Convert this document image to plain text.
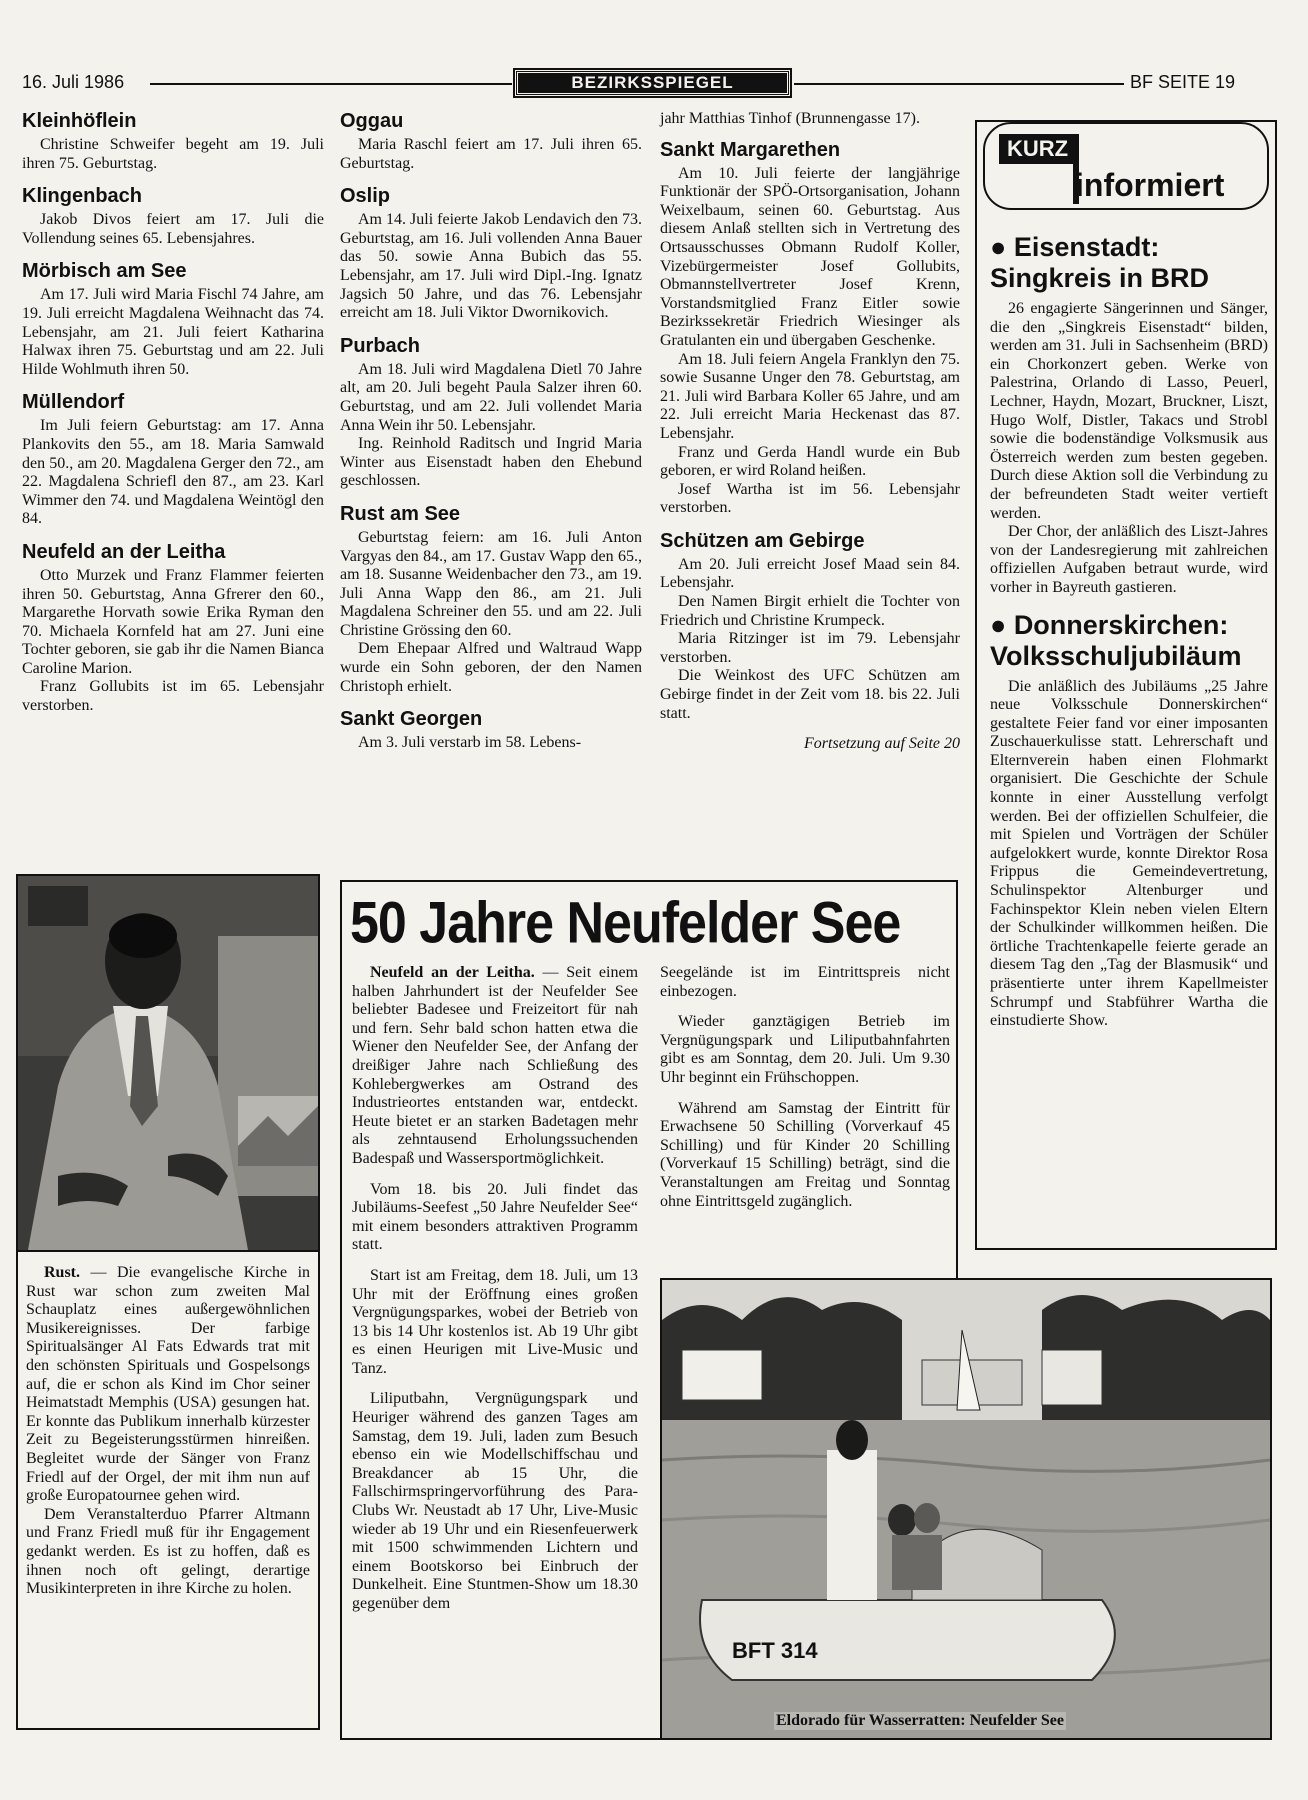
16. Juli 1986	BEZIRKSSPIEGEL	BF SEITE 19
Kleinhöflein

Christine Schweifer begeht am 19. Juli ihren 75. Geburtstag.

Klingenbach

Jakob Divos feiert am 17. Juli die Vollendung seines 65. Lebensjahres.

Mörbisch am See

Am 17. Juli wird Maria Fischl 74 Jahre, am 19. Juli erreicht Magdalena Weihnacht das 74. Lebensjahr, am 21. Juli feiert Katharina Halwax ihren 75. Geburtstag und am 22. Juli Hilde Wohlmuth ihren 50.

Müllendorf

Im Juli feiern Geburtstag: am 17. Anna Plankovits den 55., am 18. Maria Samwald den 50., am 20. Magdalena Gerger den 72., am 22. Magdalena Schriefl den 87., am 23. Karl Wimmer den 74. und Magdalena Weintögl den 84.

Neufeld an der Leitha

Otto Murzek und Franz Flammer feierten ihren 50. Geburtstag, Anna Gfrerer den 60., Margarethe Horvath sowie Erika Ryman den 70. Michaela Kornfeld hat am 27. Juni eine Tochter geboren, sie gab ihr die Namen Bianca Caroline Marion.

Franz Gollubits ist im 65. Lebensjahr verstorben.

Oggau

Maria Raschl feiert am 17. Juli ihren 65. Geburtstag.

Oslip

Am 14. Juli feierte Jakob Lendavich den 73. Geburtstag, am 16. Juli vollenden Anna Bauer das 50. sowie Anna Bubich das 55. Lebensjahr, am 17. Juli wird Dipl.-Ing. Ignatz Jagsich 50 Jahre, und das 76. Lebensjahr erreicht am 18. Juli Viktor Dwornikovich.

Purbach

Am 18. Juli wird Magdalena Dietl 70 Jahre alt, am 20. Juli begeht Paula Salzer ihren 60. Geburtstag, und am 22. Juli vollendet Maria Anna Wein ihr 50. Lebensjahr.

Ing. Reinhold Raditsch und Ingrid Maria Winter aus Eisenstadt haben den Ehebund geschlossen.

Rust am See

Geburtstag feiern: am 16. Juli Anton Vargyas den 84., am 17. Gustav Wapp den 65., am 18. Susanne Weidenbacher den 73., am 19. Juli Anna Wapp den 86., am 21. Juli Magdalena Schreiner den 55. und am 22. Juli Christine Grössing den 60.

Dem Ehepaar Alfred und Waltraud Wapp wurde ein Sohn geboren, der den Namen Christoph erhielt.

Sankt Georgen

Am 3. Juli verstarb im 58. Lebens-

jahr Matthias Tinhof (Brunnengasse 17).

Sankt Margarethen

Am 10. Juli feierte der langjährige Funktionär der SPÖ-Ortsorganisation, Johann Weixelbaum, seinen 60. Geburtstag. Aus diesem Anlaß stellten sich in Vertretung des Ortsausschusses Obmann Rudolf Koller, Vizebürgermeister Josef Gollubits, Obmannstellvertreter Josef Krenn, Vorstandsmitglied Franz Eitler sowie Bezirkssekretär Friedrich Wiesinger als Gratulanten ein und übergaben Geschenke.

Am 18. Juli feiern Angela Franklyn den 75. sowie Susanne Unger den 78. Geburtstag, am 21. Juli wird Barbara Koller 65 Jahre, und am 22. Juli erreicht Maria Heckenast das 87. Lebensjahr.

Franz und Gerda Handl wurde ein Bub geboren, er wird Roland heißen.

Josef Wartha ist im 56. Lebensjahr verstorben.

Schützen am Gebirge

Am 20. Juli erreicht Josef Maad sein 84. Lebensjahr.

Den Namen Birgit erhielt die Tochter von Friedrich und Christine Krumpeck.

Maria Ritzinger ist im 79. Lebensjahr verstorben.

Die Weinkost des UFC Schützen am Gebirge findet in der Zeit vom 18. bis 22. Juli statt.

Fortsetzung auf Seite 20
KURZ
informiert
● Eisenstadt: Singkreis in BRD

26 engagierte Sängerinnen und Sänger, die den „Singkreis Eisenstadt“ bilden, werden am 31. Juli in Sachsenheim (BRD) ein Chorkonzert geben. Werke von Palestrina, Orlando di Lasso, Peuerl, Lechner, Haydn, Mozart, Bruckner, Liszt, Hugo Wolf, Distler, Takacs und Strobl sowie die bodenständige Volksmusik aus Österreich werden zum besten gegeben. Durch diese Aktion soll die Verbindung zu der befreundeten Stadt weiter vertieft werden.

Der Chor, der anläßlich des Liszt-Jahres von der Landesregierung mit zahlreichen offiziellen Aufgaben betraut wurde, wird vorher in Bayreuth gastieren.

● Donnerskirchen: Volksschuljubiläum

Die anläßlich des Jubiläums „25 Jahre neue Volksschule Donnerskirchen“ gestaltete Feier fand vor einer imposanten Zuschauerkulisse statt. Lehrerschaft und Elternverein haben einen Flohmarkt organisiert. Die Geschichte der Schule konnte in einer Ausstellung verfolgt werden. Bei der offiziellen Schulfeier, die mit Spielen und Vorträgen der Schüler aufgelokkert wurde, konnte Direktor Rosa Frippus die Gemeindevertretung, Schulinspektor Altenburger und Fachinspektor Klein neben vielen Eltern der Schulkinder willkommen heißen. Die örtliche Trachtenkapelle feierte gerade an diesem Tag den „Tag der Blasmusik“ und präsentierte unter ihrem Kapellmeister Schrumpf und Stabführer Wartha die einstudierte Show.

Rust. — Die evangelische Kirche in Rust war schon zum zweiten Mal Schauplatz eines außergewöhnlichen Musikereignisses. Der farbige Spiritualsänger Al Fats Edwards trat mit den schönsten Spirituals und Gospelsongs auf, die er schon als Kind im Chor seiner Heimatstadt Memphis (USA) gesungen hat. Er konnte das Publikum innerhalb kürzester Zeit zu Begeisterungsstürmen hinreißen. Begleitet wurde der Sänger von Franz Friedl auf der Orgel, der mit ihm nun auf große Europatournee gehen wird.

Dem Veranstalterduo Pfarrer Altmann und Franz Friedl muß für ihr Engagement gedankt werden. Es ist zu hoffen, daß es ihnen noch oft gelingt, derartige Musikinterpreten in ihre Kirche zu holen.

50 Jahre Neufelder See

Neufeld an der Leitha. — Seit einem halben Jahrhundert ist der Neufelder See beliebter Badesee und Freizeitort für nah und fern. Sehr bald schon hatten etwa die Wiener den Neufelder See, der Anfang der dreißiger Jahre nach Schließung des Kohlebergwerkes am Ostrand des Industrieortes entstanden war, entdeckt. Heute bietet er an starken Badetagen mehr als zehntausend Erholungssuchenden Badespaß und Wassersportmöglichkeit.

Vom 18. bis 20. Juli findet das Jubiläums-Seefest „50 Jahre Neufelder See“ mit einem besonders attraktiven Programm statt.

Start ist am Freitag, dem 18. Juli, um 13 Uhr mit der Eröffnung eines großen Vergnügungsparkes, wobei der Betrieb von 13 bis 14 Uhr kostenlos ist. Ab 19 Uhr gibt es einen Heurigen mit Live-Music und Tanz.

Liliputbahn, Vergnügungspark und Heuriger während des ganzen Tages am Samstag, dem 19. Juli, laden zum Besuch ebenso ein wie Modellschiffschau und Breakdancer ab 15 Uhr, die Fallschirmspringervorführung des Para-Clubs Wr. Neustadt ab 17 Uhr, Live-Music wieder ab 19 Uhr und ein Riesenfeuerwerk mit 1500 schwimmenden Lichtern und einem Bootskorso bei Einbruch der Dunkelheit. Eine Stuntmen-Show um 18.30 gegenüber dem

Seegelände ist im Eintrittspreis nicht einbezogen.

Wieder ganztägigen Betrieb im Vergnügungspark und Liliputbahnfahrten gibt es am Sonntag, dem 20. Juli. Um 9.30 Uhr beginnt ein Frühschoppen.

Während am Samstag der Eintritt für Erwachsene 50 Schilling (Vorverkauf 45 Schilling) und für Kinder 20 Schilling (Vorverkauf 15 Schilling) beträgt, sind die Veranstaltungen am Freitag und Sonntag ohne Eintrittsgeld zugänglich.

BFT 314
Eldorado für Wasserratten: Neufelder See
